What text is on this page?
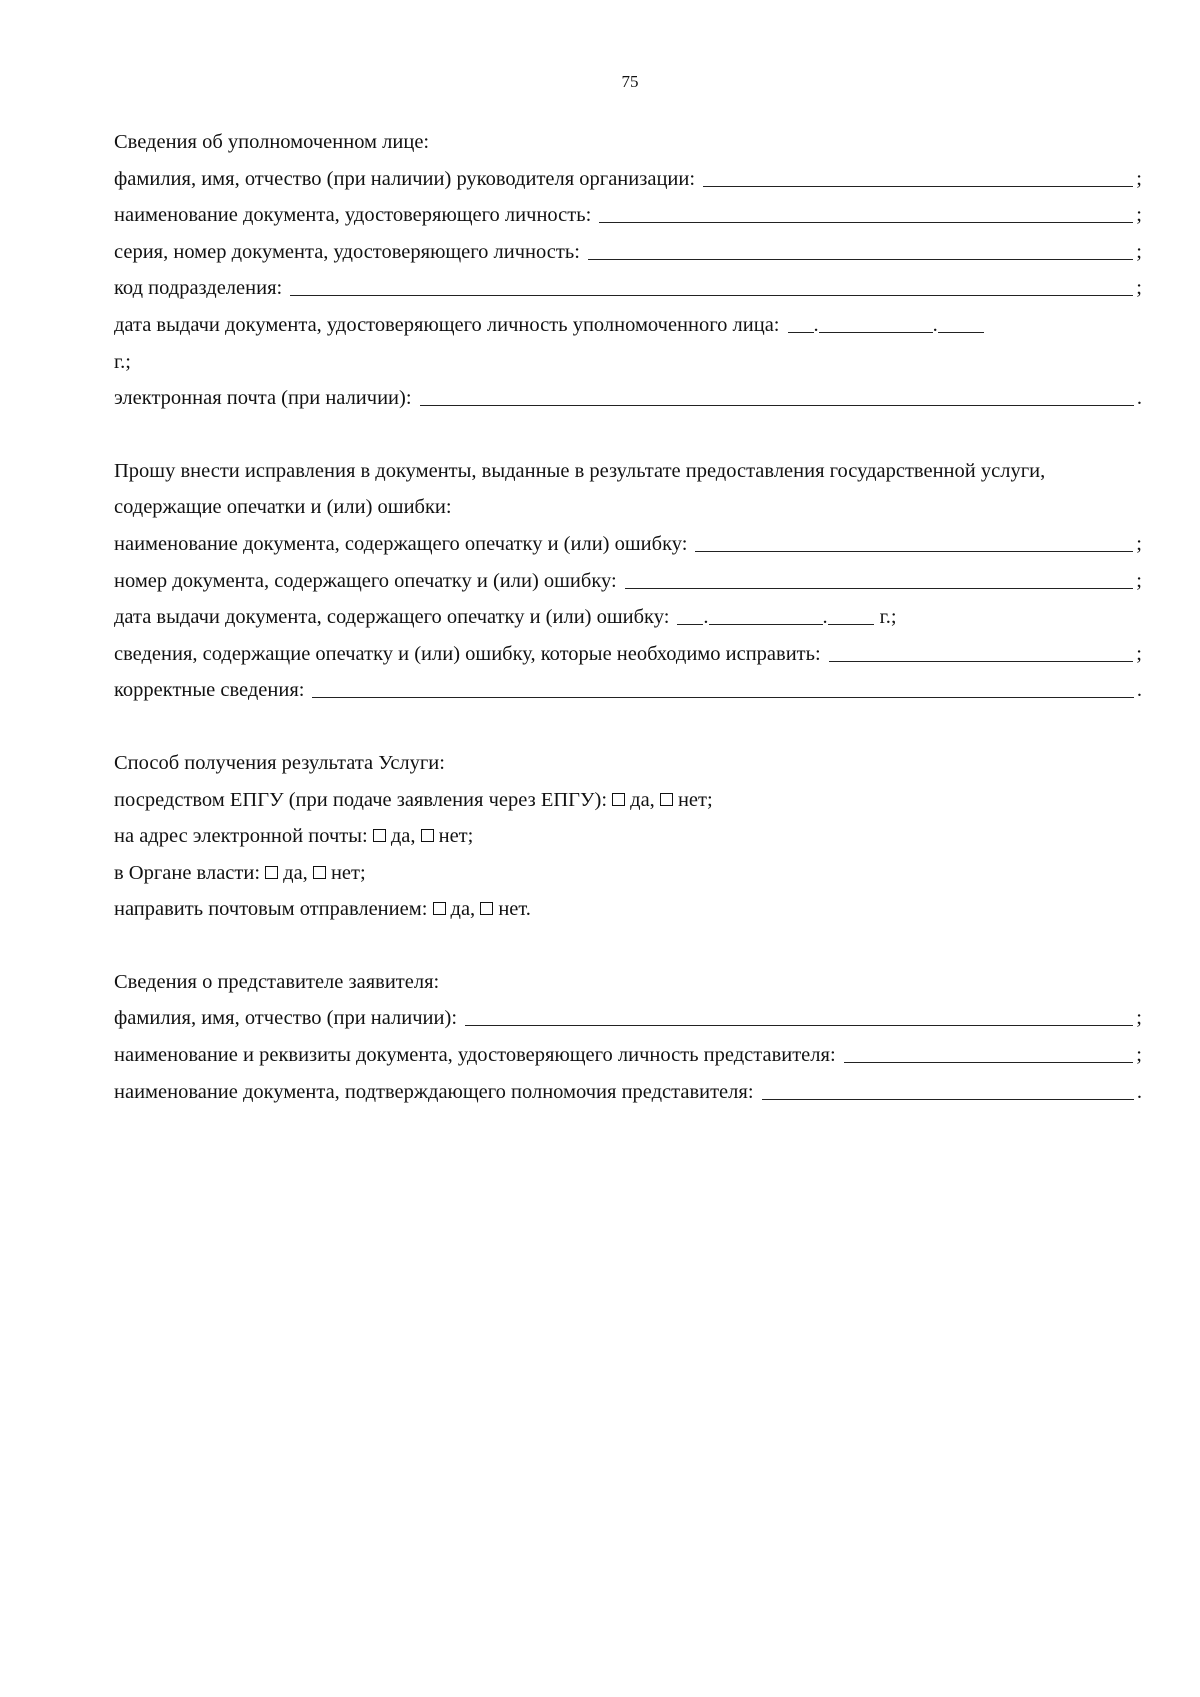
75
Сведения об уполномоченном лице:
фамилия, имя, отчество (при наличии) руководителя организации:	;
наименование документа, удостоверяющего личность:	;
серия, номер документа, удостоверяющего личность:	;
код подразделения:	;
дата выдачи документа, удостоверяющего личность уполномоченного лица:	.	.
г.;
электронная почта (при наличии):	.
Прошу внести исправления в документы, выданные в результате предоставления государственной услуги, содержащие опечатки и (или) ошибки:
наименование документа, содержащего опечатку и (или) ошибку:	;
номер документа, содержащего опечатку и (или) ошибку:	;
дата выдачи документа, содержащего опечатку и (или) ошибку:	.	.	г.;
сведения, содержащие опечатку и (или) ошибку, которые необходимо исправить:	;
корректные сведения:	.
Способ получения результата Услуги:
посредством ЕПГУ (при подаче заявления через ЕПГУ):
да,
нет;
на адрес электронной почты:
да,
нет;
в Органе власти:
да,
нет;
направить почтовым отправлением:
да,
нет.
Сведения о представителе заявителя:
фамилия, имя, отчество (при наличии):	;
наименование и реквизиты документа, удостоверяющего личность представителя:	;
наименование документа, подтверждающего полномочия представителя:	.
